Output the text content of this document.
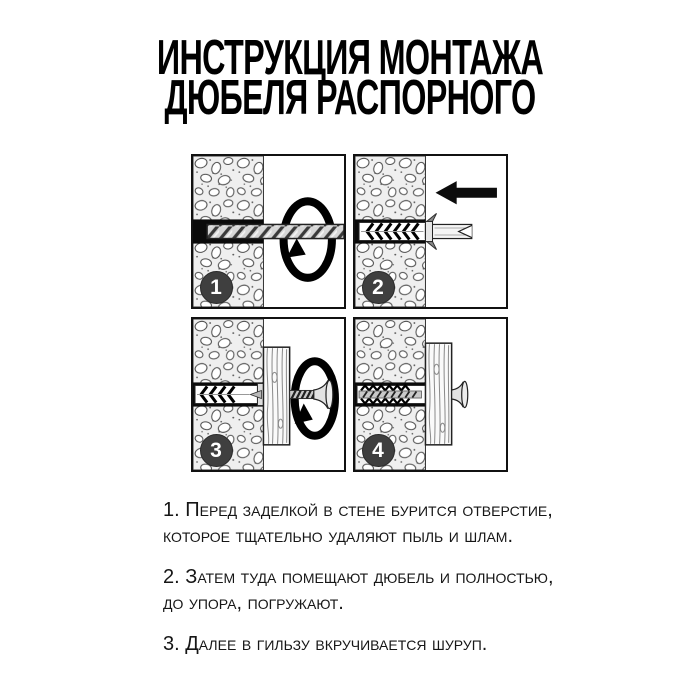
ИНСТРУКЦИЯ МОНТАЖА
ДЮБЕЛЯ РАСПОРНОГО
1	2
3	4

1. Перед заделкой в стене бурится отверстие,
которое тщательно удаляют пыль и шлам.

2. Затем туда помещают дюбель и полностью,
до упора, погружают.

3. Далее в гильзу вкручивается шуруп.
